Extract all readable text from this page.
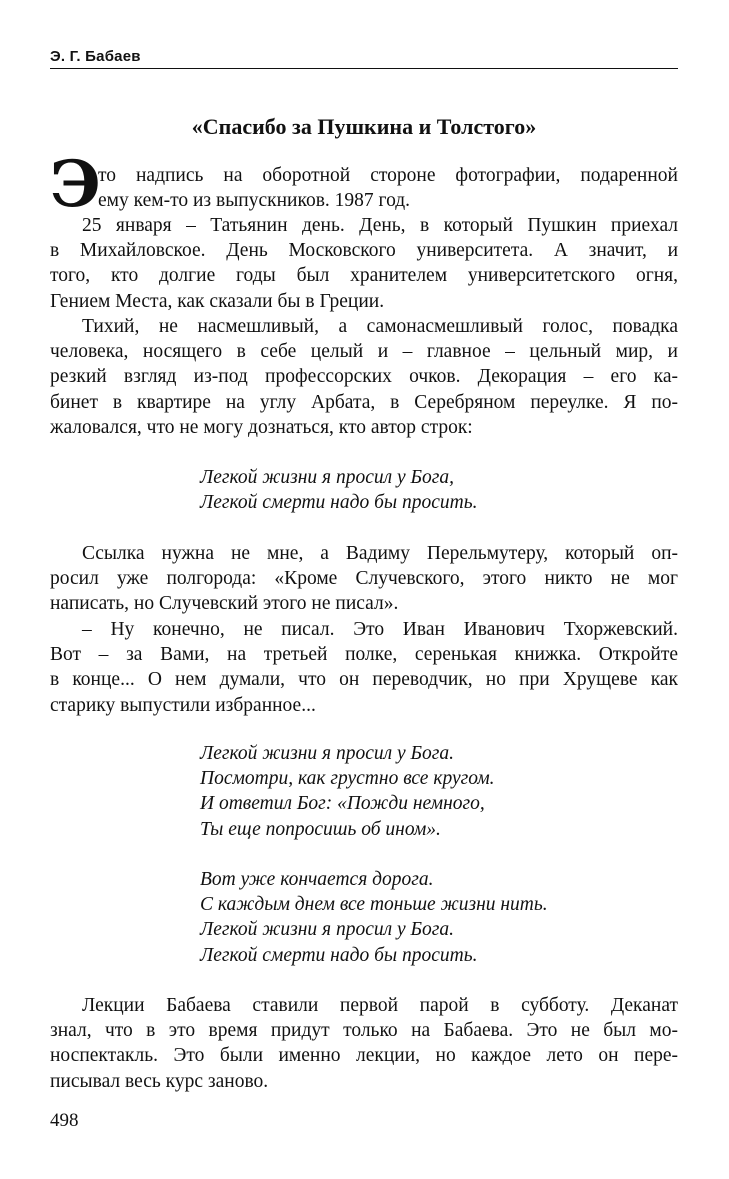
Э. Г. Бабаев
«Спасибо за Пушкина и Толстого»
Э
то надпись на оборотной стороне фотографии, подаренной
ему кем-то из выпускников. 1987 год.
25 января – Татьянин день. День, в который Пушкин приехал
в Михайловское. День Московского университета. А значит, и
того, кто долгие годы был хранителем университетского огня,
Гением Места, как сказали бы в Греции.
Тихий, не насмешливый, а самонасмешливый голос, повадка
человека, носящего в себе целый и – главное – цельный мир, и
резкий взгляд из-под профессорских очков. Декорация – его ка-
бинет в квартире на углу Арбата, в Серебряном переулке. Я по-
жаловался, что не могу дознаться, кто автор строк:
Легкой жизни я просил у Бога,
Легкой смерти надо бы просить.
Ссылка нужна не мне, а Вадиму Перельмутеру, который оп-
росил уже полгорода: «Кроме Случевского, этого никто не мог
написать, но Случевский этого не писал».
– Ну конечно, не писал. Это Иван Иванович Тхоржевский.
Вот – за Вами, на третьей полке, серенькая книжка. Откройте
в конце... О нем думали, что он переводчик, но при Хрущеве как
старику выпустили избранное...
Легкой жизни я просил у Бога.
Посмотри, как грустно все кругом.
И ответил Бог: «Пожди немного,
Ты еще попросишь об ином».
Вот уже кончается дорога.
С каждым днем все тоньше жизни нить.
Легкой жизни я просил у Бога.
Легкой смерти надо бы просить.
Лекции Бабаева ставили первой парой в субботу. Деканат
знал, что в это время придут только на Бабаева. Это не был мо-
носпектакль. Это были именно лекции, но каждое лето он пере-
писывал весь курс заново.
498
